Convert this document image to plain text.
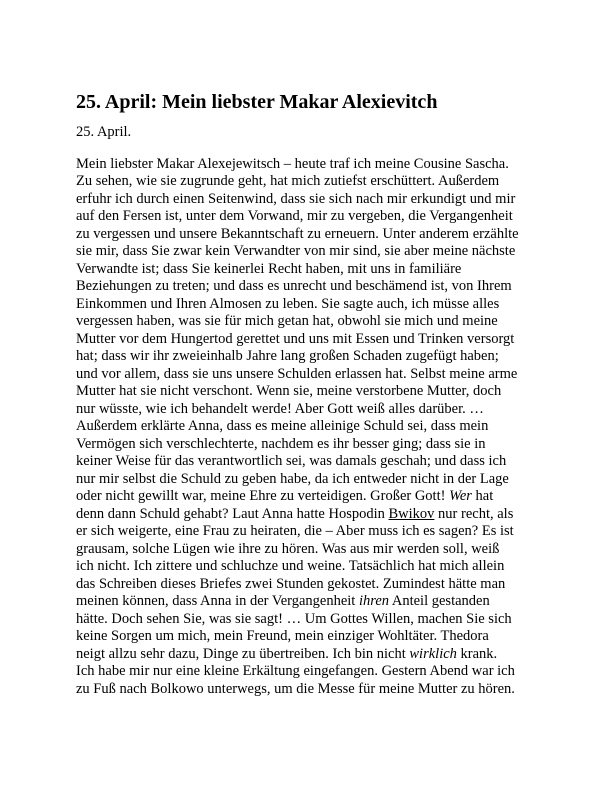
25. April: Mein liebster Makar Alexievitch
25. April.
Mein liebster Makar Alexejewitsch – heute traf ich meine Cousine Sascha.
Zu sehen, wie sie zugrunde geht, hat mich zutiefst erschüttert. Außerdem
erfuhr ich durch einen Seitenwind, dass sie sich nach mir erkundigt und mir
auf den Fersen ist, unter dem Vorwand, mir zu vergeben, die Vergangenheit
zu vergessen und unsere Bekanntschaft zu erneuern. Unter anderem erzählte
sie mir, dass Sie zwar kein Verwandter von mir sind, sie aber meine nächste
Verwandte ist; dass Sie keinerlei Recht haben, mit uns in familiäre
Beziehungen zu treten; und dass es unrecht und beschämend ist, von Ihrem
Einkommen und Ihren Almosen zu leben. Sie sagte auch, ich müsse alles
vergessen haben, was sie für mich getan hat, obwohl sie mich und meine
Mutter vor dem Hungertod gerettet und uns mit Essen und Trinken versorgt
hat; dass wir ihr zweieinhalb Jahre lang großen Schaden zugefügt haben;
und vor allem, dass sie uns unsere Schulden erlassen hat. Selbst meine arme
Mutter hat sie nicht verschont. Wenn sie, meine verstorbene Mutter, doch
nur wüsste, wie ich behandelt werde! Aber Gott weiß alles darüber. …
Außerdem erklärte Anna, dass es meine alleinige Schuld sei, dass mein
Vermögen sich verschlechterte, nachdem es ihr besser ging; dass sie in
keiner Weise für das verantwortlich sei, was damals geschah; und dass ich
nur mir selbst die Schuld zu geben habe, da ich entweder nicht in der Lage
oder nicht gewillt war, meine Ehre zu verteidigen. Großer Gott! Wer hat
denn dann Schuld gehabt? Laut Anna hatte Hospodin Bwikov nur recht, als
er sich weigerte, eine Frau zu heiraten, die – Aber muss ich es sagen? Es ist
grausam, solche Lügen wie ihre zu hören. Was aus mir werden soll, weiß
ich nicht. Ich zittere und schluchze und weine. Tatsächlich hat mich allein
das Schreiben dieses Briefes zwei Stunden gekostet. Zumindest hätte man
meinen können, dass Anna in der Vergangenheit ihren Anteil gestanden
hätte. Doch sehen Sie, was sie sagt! … Um Gottes Willen, machen Sie sich
keine Sorgen um mich, mein Freund, mein einziger Wohltäter. Thedora
neigt allzu sehr dazu, Dinge zu übertreiben. Ich bin nicht wirklich krank.
Ich habe mir nur eine kleine Erkältung eingefangen. Gestern Abend war ich
zu Fuß nach Bolkowo unterwegs, um die Messe für meine Mutter zu hören.
